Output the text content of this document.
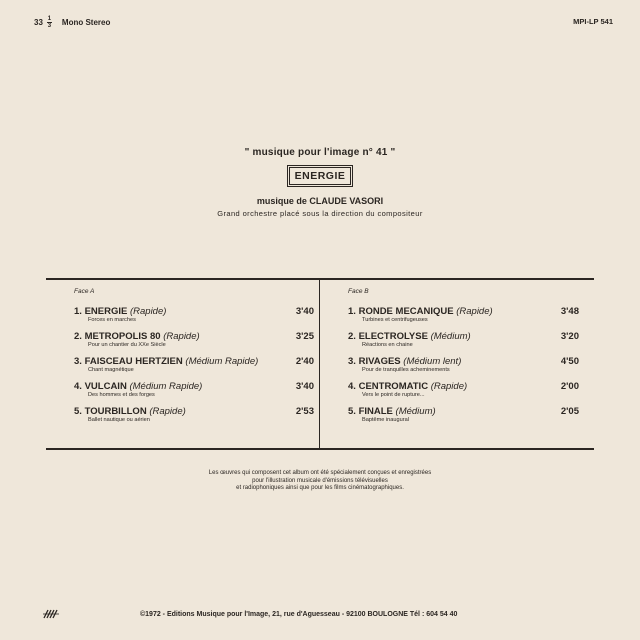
$33 \frac{1}{3}$ Mono Stereo	MPI-LP 541
" musique pour l'image n° 41 "
ENERGIE
musique de CLAUDE VASORI
Grand orchestre placé sous la direction du compositeur
Face A
1. ENERGIE (Rapide)
Forces en marches
3'40
2. METROPOLIS 80 (Rapide)
Pour un chantier du XXe Siècle
3'25
3. FAISCEAU HERTZIEN (Médium Rapide)
Chant magnétique
2'40
4. VULCAIN (Médium Rapide)
Des hommes et des forges
3'40
5. TOURBILLON (Rapide)
Ballet nautique ou aérien
2'53
Face B
1. RONDE MECANIQUE (Rapide)
Turbines et centrifugeuses
3'48
2. ELECTROLYSE (Médium)
Réactions en chaine
3'20
3. RIVAGES (Médium lent)
Pour de tranquilles acheminements
4'50
4. CENTROMATIC (Rapide)
Vers le point de rupture...
2'00
5. FINALE (Médium)
Baptême inaugural
2'05
Les œuvres qui composent cet album ont été spécialement conçues et enregistrées
pour l'illustration musicale d'émissions télévisuelles
et radiophoniques ainsi que pour les films cinématographiques.
©1972 - Editions Musique pour l'Image, 21, rue d'Aguesseau - 92100 BOULOGNE Tél : 604 54 40
